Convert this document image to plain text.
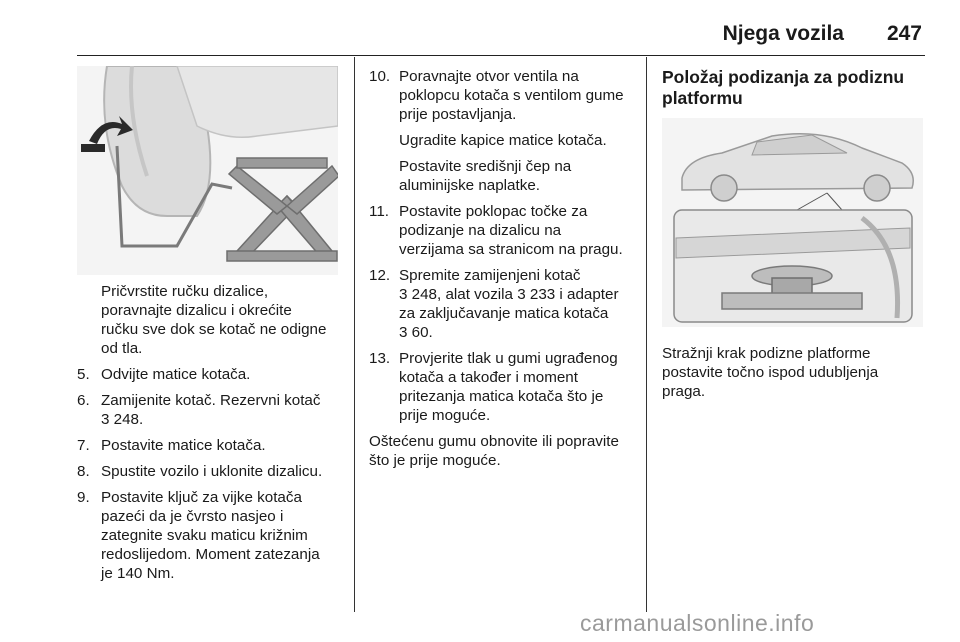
Njega vozila 247
Pričvrstite ručku dizalice,
poravnajte dizalicu i okrećite
ručku sve dok se kotač ne odigne
od tla.
5. Odvijte matice kotača.
6. Zamijenite kotač. Rezervni kotač
3 248.
7. Postavite matice kotača.
8. Spustite vozilo i uklonite dizalicu.
9. Postavite ključ za vijke kotača
pazeći da je čvrsto nasjeo i
zategnite svaku maticu križnim
redoslijedom. Moment zatezanja
je 140 Nm.
10. Poravnajte otvor ventila na
poklopcu kotača s ventilom gume
prije postavljanja.
Ugradite kapice matice kotača.
Postavite središnji čep na
aluminijske naplatke.
11. Postavite poklopac točke za
podizanje na dizalicu na
verzijama sa stranicom na pragu.
12. Spremite zamijenjeni kotač
3 248, alat vozila 3 233 i adapter
za zaključavanje matica kotača
3 60.
13. Provjerite tlak u gumi ugrađenog
kotača a također i moment
pritezanja matica kotača što je
prije moguće.
Oštećenu gumu obnovite ili popravite
što je prije moguće.
Položaj podizanja za podiznu
platformu
Stražnji krak podizne platforme
postavite točno ispod udubljenja
praga.
carmanualsonline.info
